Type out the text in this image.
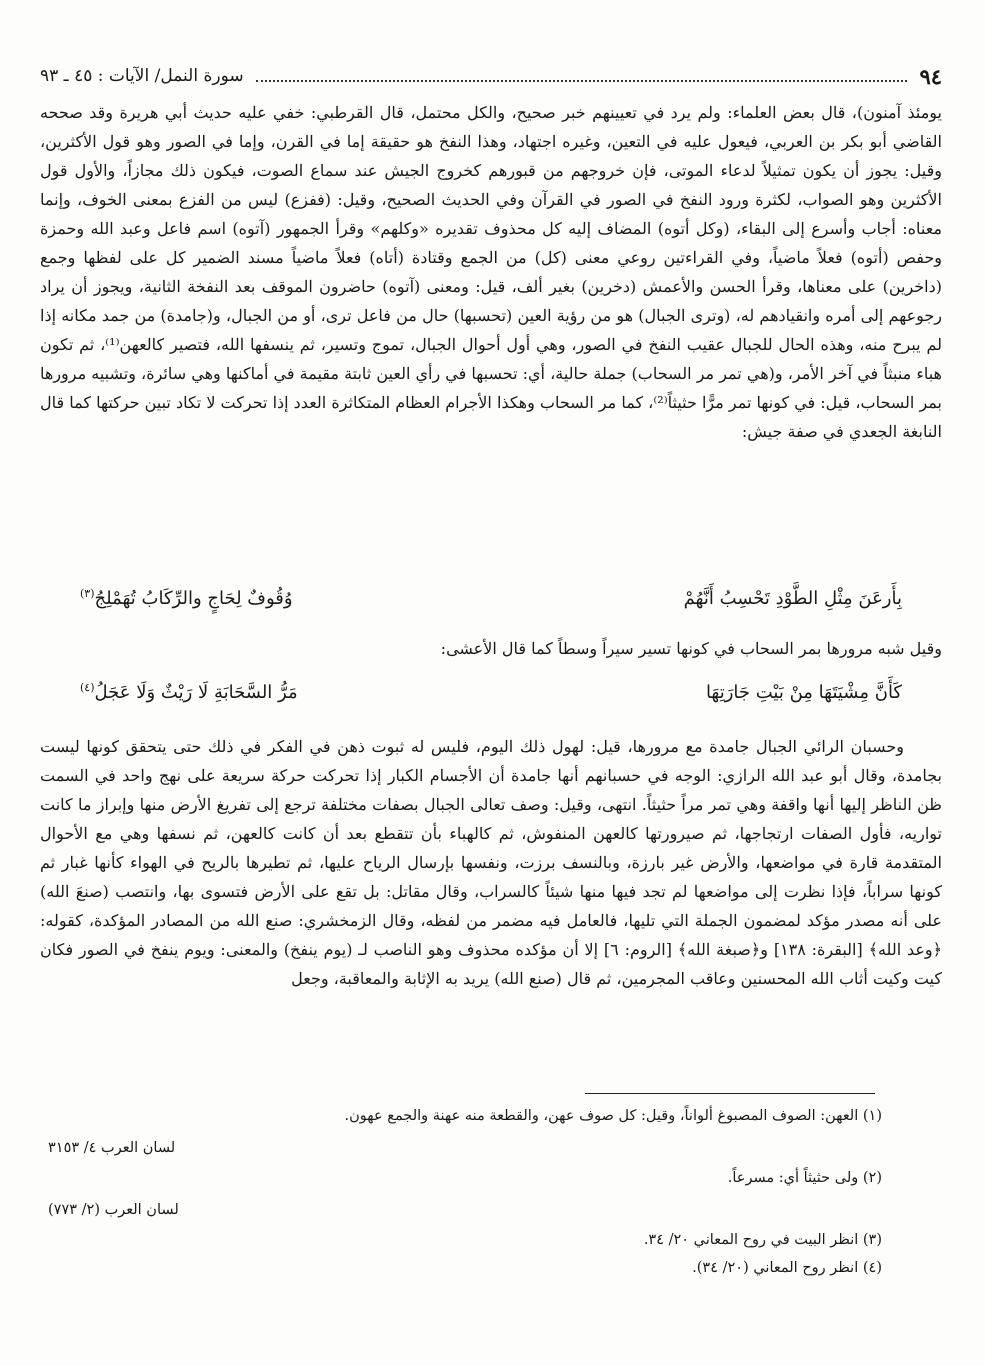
٩٤
سورة النمل/ الآيات : ٤٥ ـ ٩٣

يومئذ آمنون)، قال بعض العلماء: ولم يرد في تعيينهم خبر صحيح، والكل محتمل، قال القرطبي: خفي عليه حديث أبي هريرة وقد صححه القاضي أبو بكر بن العربي، فيعول عليه في التعين، وغيره اجتهاد، وهذا النفخ هو حقيقة إما في القرن، وإما في الصور وهو قول الأكثرين، وقيل: يجوز أن يكون تمثيلاً لدعاء الموتى، فإن خروجهم من قبورهم كخروج الجيش عند سماع الصوت، فيكون ذلك مجازاً، والأول قول الأكثرين وهو الصواب، لكثرة ورود النفخ في الصور في القرآن وفي الحديث الصحيح، وقيل: (ففزع) ليس من الفزع بمعنى الخوف، وإنما معناه: أجاب وأسرع إلى البقاء، (وكل أتوه) المضاف إليه كل محذوف تقديره «وكلهم» وقرأ الجمهور (آتوه) اسم فاعل وعبد الله وحمزة وحفص (أتوه) فعلاً ماضياً، وفي القراءتين روعي معنى (كل) من الجمع وقتادة (أتاه) فعلاً ماضياً مسند الضمير كل على لفظها وجمع (داخرين) على معناها، وقرأ الحسن والأعمش (دخرين) بغير ألف، قيل: ومعنى (آتوه) حاضرون الموقف بعد النفخة الثانية، ويجوز أن يراد رجوعهم إلى أمره وانقيادهم له، (وترى الجبال) هو من رؤية العين (تحسبها) حال من فاعل ترى، أو من الجبال، و(جامدة) من جمد مكانه إذا لم يبرح منه، وهذه الحال للجبال عقيب النفخ في الصور، وهي أول أحوال الجبال، تموج وتسير، ثم ينسفها الله، فتصير كالعهن⁽¹⁾، ثم تكون هباء منبثاً في آخر الأمر، و(هي تمر مر السحاب) جملة حالية، أي: تحسبها في رأي العين ثابتة مقيمة في أماكنها وهي سائرة، وتشبيه مرورها بمر السحاب، قيل: في كونها تمر مرًّا حثيثاً⁽²⁾، كما مر السحاب وهكذا الأجرام العظام المتكاثرة العدد إذا تحركت لا تكاد تبين حركتها كما قال النابغة الجعدي في صفة جيش:

بِأَرعَنَ مِثْلِ الطَّوْدِ تَحْسِبُ أَنَّهُمْ
وُقُوفٌ لِحَاجٍ والرِّكَابُ تُهَمْلِجُ$^{(٣)}$
وقيل شبه مرورها بمر السحاب في كونها تسير سيراً وسطاً كما قال الأعشى:
كَأَنَّ مِشْيَتَهَا مِنْ بَيْتِ جَارَتِهَا
مَرُّ السَّحَابَةِ لَا رَيْثٌ وَلَا عَجَلُ$^{(٤)}$

وحسبان الرائي الجبال جامدة مع مرورها، قيل: لهول ذلك اليوم، فليس له ثبوت ذهن في الفكر في ذلك حتى يتحقق كونها ليست بجامدة، وقال أبو عبد الله الرازي: الوجه في حسبانهم أنها جامدة أن الأجسام الكبار إذا تحركت حركة سريعة على نهج واحد في السمت ظن الناظر إليها أنها واقفة وهي تمر مراً حثيثاً. انتهى، وقيل: وصف تعالى الجبال بصفات مختلفة ترجع إلى تفريغ الأرض منها وإبراز ما كانت تواريه، فأول الصفات ارتجاجها، ثم صيرورتها كالعهن المنفوش، ثم كالهباء بأن تتقطع بعد أن كانت كالعهن، ثم نسفها وهي مع الأحوال المتقدمة قارة في مواضعها، والأرض غير بارزة، وبالنسف برزت، ونفسها بإرسال الرياح عليها، ثم تطيرها بالريح في الهواء كأنها غبار ثم كونها سراباً، فإذا نظرت إلى مواضعها لم تجد فيها منها شيئاً كالسراب، وقال مقاتل: بل تقع على الأرض فتسوى بها، وانتصب (صنعَ الله) على أنه مصدر مؤكد لمضمون الجملة التي تليها، فالعامل فيه مضمر من لفظه، وقال الزمخشري: صنع الله من المصادر المؤكدة، كقوله: ﴿وعد الله﴾ [البقرة: ١٣٨] و﴿صبغة الله﴾ [الروم: ٦] إلا أن مؤكده محذوف وهو الناصب لـ (يوم ينفخ) والمعنى: ويوم ينفخ في الصور فكان كيت وكيت أثاب الله المحسنين وعاقب المجرمين، ثم قال (صنع الله) يريد به الإثابة والمعاقبة، وجعل

(١) العهن: الصوف المصبوغ ألواناً، وقيل: كل صوف عهن، والقطعة منه عهنة والجمع عهون.
لسان العرب ٤/ ٣١٥٣
(٢) ولى حثيثاً أي: مسرعاً.
لسان العرب (٢/ ٧٧٣)
(٣) انظر البيت في روح المعاني ٢٠/ ٣٤.
(٤) انظر روح المعاني (٢٠/ ٣٤).
